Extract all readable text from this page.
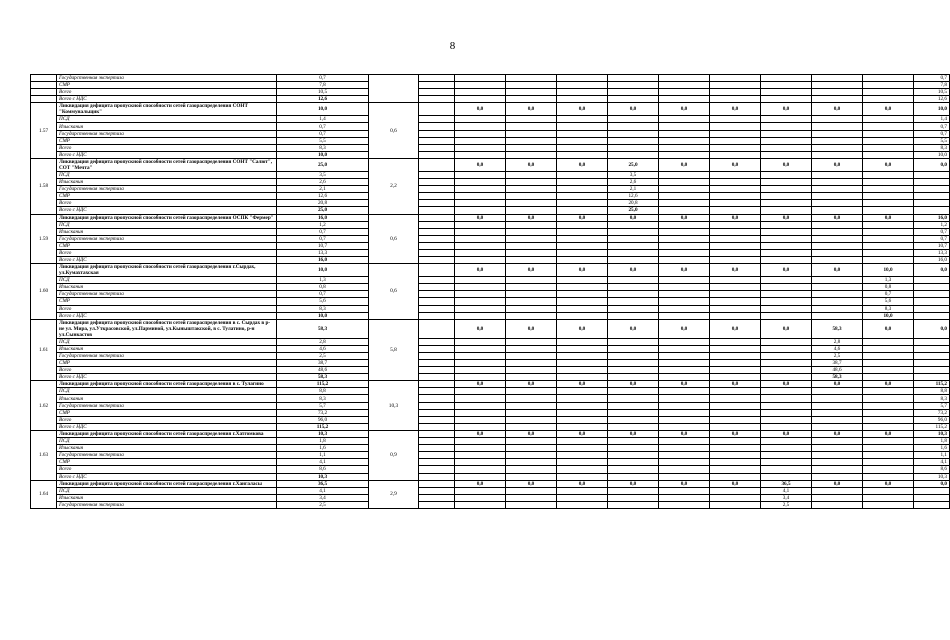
8
	Государственная экспертиза	0,7												0,7
	СМР	7,8												7,8
	Всего	10,5												10,5
	Всего с НДС	12,6												12,6
1.57	Ликвидация дефицита пропускной способности сетей газораспределения СОНТ "Коммунальщик"	10,0	0,6		0,0	0,0	0,0	0,0	0,0	0,0	0,0	0,0	0,0	10,0
	ПСД	1,4												1,4
	Изыскания	0,7												0,7
	Государственная экспертиза	0,7												0,7
	СМР	5,5												5,5
	Всего	8,3												8,3
	Всего с НДС	10,0												10,0
1.58	Ликвидация дефицита пропускной способности сетей газораспределения СОНТ "Салют", СОТ "Мечта"	25,0	2,2		0,0	0,0	0,0	25,0	0,0	0,0	0,0	0,0	0,0	0,0
	ПСД	3,5						3,5						
	Изыскания	2,6						2,6						
	Государственная экспертиза	2,1						2,1						
	СМР	12,6						12,6						
	Всего	20,8						20,8						
	Всего с НДС	25,0						25,0						
1.59	Ликвидация дефицита пропускной способности сетей газораспределения ОСПК "Фермер"	16,0	0,6		0,0	0,0	0,0	0,0	0,0	0,0	0,0	0,0	0,0	16,0
	ПСД	1,2												1,2
	Изыскания	0,7												0,7
	Государственная экспертиза	0,7												0,7
	СМР	10,7												10,7
	Всего	13,3												13,3
	Всего с НДС	16,0												16,0
1.60	Ликвидация дефицита пропускной способности сетей газораспределения г.Сырдах, ул.Кумахтахская	10,0	0,6		0,0	0,0	0,0	0,0	0,0	0,0	0,0	0,0	10,0	0,0
	ПСД	1,3											1,3	
	Изыскания	0,8											0,8	
	Государственная экспертиза	0,7											0,7	
	СМР	5,6											5,6	
	Всего	8,3											8,3	
	Всего с НДС	10,0											10,0	
1.61	Ликвидация дефицита пропускной способности сетей газораспределения в с. Сырдах в р-не ул. Мира, ул.Уткрасовской, ул.Парминой, ул.Кыныштакской, в с. Тулатино, р-н ул.Сынкастов	58,3	5,8		0,0	0,0	0,0	0,0	0,0	0,0	0,0	58,3	0,0	0,0
	ПСД	2,8										2,8		
	Изыскания	4,6										4,6		
	Государственная экспертиза	2,5										2,5		
	СМР	38,7										38,7		
	Всего	48,6										48,6		
	Всего с НДС	58,3										58,3		
1.62	Ликвидация дефицита пропускной способности сетей газораспределения в с. Тулагино	115,2	10,3		0,0	0,0	0,0	0,0	0,0	0,0	0,0	0,0	0,0	115,2
	ПСД	8,8												8,8
	Изыскания	8,3												8,3
	Государственная экспертиза	5,7												5,7
	СМР	73,2												73,2
	Всего	96,0												96,0
	Всего с НДС	115,2												115,2
1.63	Ликвидация дефицита пропускной способности сетей газораспределения г.Хатгомкова	10,3	0,9		0,0	0,0	0,0	0,0	0,0	0,0	0,0	0,0	0,0	10,3
	ПСД	1,8												1,8
	Изыскания	1,6												1,6
	Государственная экспертиза	1,1												1,1
	СМР	4,1												4,1
	Всего	8,6												8,6
	Всего с НДС	10,3												10,3
1.64	Ликвидация дефицита пропускной способности сетей газораспределения г.Хангаласы	36,5	2,9		0,0	0,0	0,0	0,0	0,0	0,0	36,5	0,0	0,0	0,0
	ПСД	4,1									4,1			
	Изыскания	3,4									3,4			
	Государственная экспертиза	2,5									2,5			
